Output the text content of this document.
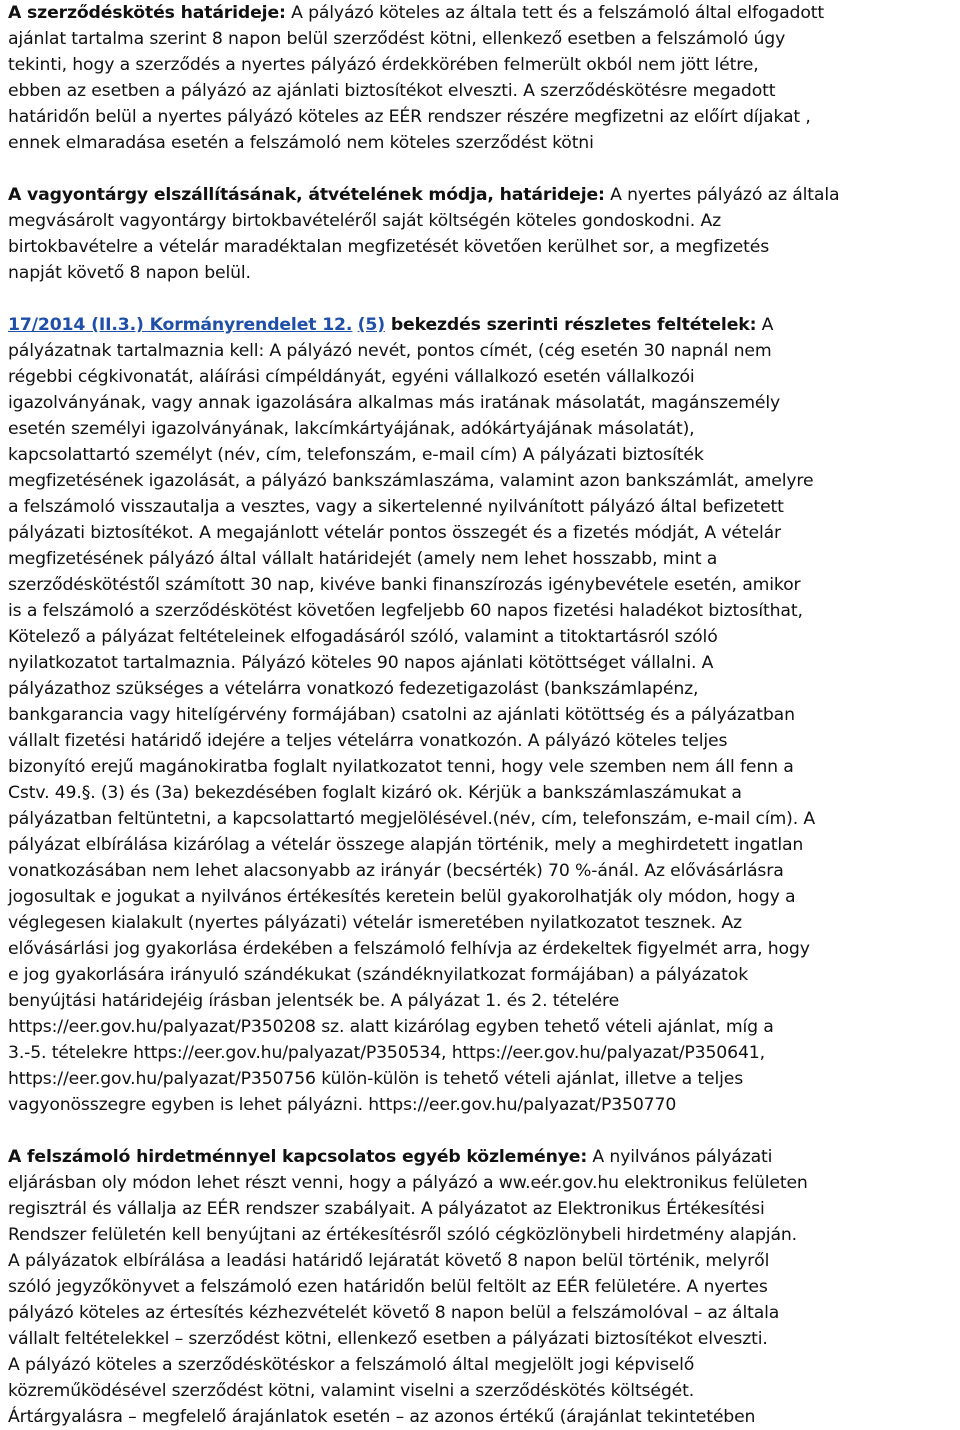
A szerződéskötés határideje: A pályázó köteles az általa tett és a felszámoló által elfogadott
ajánlat tartalma szerint 8 napon belül szerződést kötni, ellenkező esetben a felszámoló úgy
tekinti, hogy a szerződés a nyertes pályázó érdekkörében felmerült okból nem jött létre,
ebben az esetben a pályázó az ajánlati biztosítékot elveszti. A szerződéskötésre megadott
határidőn belül a nyertes pályázó köteles az EÉR rendszer részére megfizetni az előírt díjakat ,
ennek elmaradása esetén a felszámoló nem köteles szerződést kötni
A vagyontárgy elszállításának, átvételének módja, határideje: A nyertes pályázó az általa
megvásárolt vagyontárgy birtokbavételéről saját költségén köteles gondoskodni. Az
birtokbavételre a vételár maradéktalan megfizetését követően kerülhet sor, a megfizetés
napját követő 8 napon belül.
17/2014 (II.3.) Kormányrendelet 12. (5) bekezdés szerinti részletes feltételek: A
pályázatnak tartalmaznia kell: A pályázó nevét, pontos címét, (cég esetén 30 napnál nem
régebbi cégkivonatát, aláírási címpéldányát, egyéni vállalkozó esetén vállalkozói
igazolványának, vagy annak igazolására alkalmas más iratának másolatát, magánszemély
esetén személyi igazolványának, lakcímkártyájának, adókártyájának másolatát),
kapcsolattartó személyt (név, cím, telefonszám, e-mail cím) A pályázati biztosíték
megfizetésének igazolását, a pályázó bankszámlaszáma, valamint azon bankszámlát, amelyre
a felszámoló visszautalja a vesztes, vagy a sikertelenné nyilvánított pályázó által befizetett
pályázati biztosítékot. A megajánlott vételár pontos összegét és a fizetés módját, A vételár
megfizetésének pályázó által vállalt határidejét (amely nem lehet hosszabb, mint a
szerződéskötéstől számított 30 nap, kivéve banki finanszírozás igénybevétele esetén, amikor
is a felszámoló a szerződéskötést követően legfeljebb 60 napos fizetési haladékot biztosíthat,
Kötelező a pályázat feltételeinek elfogadásáról szóló, valamint a titoktartásról szóló
nyilatkozatot tartalmaznia. Pályázó köteles 90 napos ajánlati kötöttséget vállalni. A
pályázathoz szükséges a vételárra vonatkozó fedezetigazolást (bankszámlapénz,
bankgarancia vagy hitelígérvény formájában) csatolni az ajánlati kötöttség és a pályázatban
vállalt fizetési határidő idejére a teljes vételárra vonatkozón. A pályázó köteles teljes
bizonyító erejű magánokiratba foglalt nyilatkozatot tenni, hogy vele szemben nem áll fenn a
Cstv. 49.§. (3) és (3a) bekezdésében foglalt kizáró ok. Kérjük a bankszámlaszámukat a
pályázatban feltüntetni, a kapcsolattartó megjelölésével.(név, cím, telefonszám, e-mail cím). A
pályázat elbírálása kizárólag a vételár összege alapján történik, mely a meghirdetett ingatlan
vonatkozásában nem lehet alacsonyabb az irányár (becsérték) 70 %-ánál. Az elővásárlásra
jogosultak e jogukat a nyilvános értékesítés keretein belül gyakorolhatják oly módon, hogy a
véglegesen kialakult (nyertes pályázati) vételár ismeretében nyilatkozatot tesznek. Az
elővásárlási jog gyakorlása érdekében a felszámoló felhívja az érdekeltek figyelmét arra, hogy
e jog gyakorlására irányuló szándékukat (szándéknyilatkozat formájában) a pályázatok
benyújtási határidejéig írásban jelentsék be. A pályázat 1. és 2. tételére
https://eer.gov.hu/palyazat/P350208 sz. alatt kizárólag egyben tehető vételi ajánlat, míg a
3.-5. tételekre https://eer.gov.hu/palyazat/P350534, https://eer.gov.hu/palyazat/P350641,
https://eer.gov.hu/palyazat/P350756 külön-külön is tehető vételi ajánlat, illetve a teljes
vagyonösszegre egyben is lehet pályázni. https://eer.gov.hu/palyazat/P350770
A felszámoló hirdetménnyel kapcsolatos egyéb közleménye: A nyilvános pályázati
eljárásban oly módon lehet részt venni, hogy a pályázó a ww.eér.gov.hu elektronikus felületen
regisztrál és vállalja az EÉR rendszer szabályait. A pályázatot az Elektronikus Értékesítési
Rendszer felületén kell benyújtani az értékesítésről szóló cégközlönybeli hirdetmény alapján.
A pályázatok elbírálása a leadási határidő lejáratát követő 8 napon belül történik, melyről
szóló jegyzőkönyvet a felszámoló ezen határidőn belül feltölt az EÉR felületére. A nyertes
pályázó köteles az értesítés kézhezvételét követő 8 napon belül a felszámolóval – az általa
vállalt feltételekkel – szerződést kötni, ellenkező esetben a pályázati biztosítékot elveszti.
A pályázó köteles a szerződéskötéskor a felszámoló által megjelölt jogi képviselő
közreműködésével szerződést kötni, valamint viselni a szerződéskötés költségét.
Ártárgyalásra – megfelelő árajánlatok esetén – az azonos értékű (árajánlat tekintetében
